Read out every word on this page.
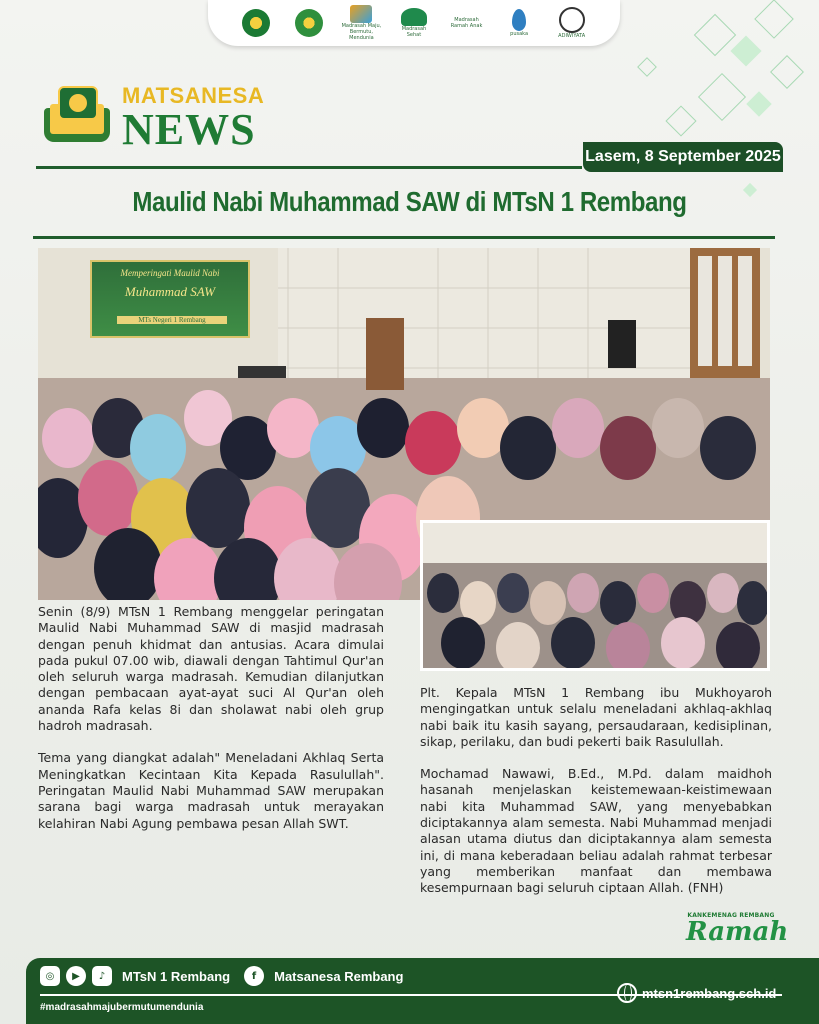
Madrasah Maju, Bermutu, Mendunia
Madrasah Sehat
Madrasah Ramah Anak
pusaka	ADIWIYATA
MATSANESA
NEWS
Lasem, 8 September 2025
Maulid Nabi Muhammad SAW di MTsN 1 Rembang
Memperingati Maulid Nabi
Muhammad SAW
MTs Negeri 1 Rembang

Senin (8/9) MTsN 1 Rembang menggelar peringatan Maulid Nabi Muhammad SAW di masjid madrasah dengan penuh khidmat dan antusias. Acara dimulai pada pukul 07.00 wib, diawali dengan Tahtimul Qur'an oleh seluruh warga madrasah. Kemudian dilanjutkan dengan pembacaan ayat-ayat suci Al Qur'an oleh ananda Rafa kelas 8i dan sholawat nabi oleh grup hadroh madrasah.

Tema yang diangkat adalah" Meneladani Akhlaq Serta Meningkatkan Kecintaan Kita Kepada Rasulullah". Peringatan Maulid Nabi Muhammad SAW merupakan sarana bagi warga madrasah untuk merayakan kelahiran Nabi Agung pembawa pesan Allah SWT.

Plt. Kepala MTsN 1 Rembang ibu Mukhoyaroh mengingatkan untuk selalu meneladani akhlaq-akhlaq nabi baik itu kasih sayang, persaudaraan, kedisiplinan, sikap, perilaku, dan budi pekerti baik Rasulullah.

Mochamad Nawawi, B.Ed., M.Pd. dalam maidhoh hasanah menjelaskan keistemewaan-keistimewaan nabi kita Muhammad SAW, yang menyebabkan diciptakannya alam semesta. Nabi Muhammad menjadi alasan utama diutus dan diciptakannya alam semesta ini, di mana keberadaan beliau adalah rahmat terbesar yang memberikan manfaat dan membawa kesempurnaan bagi seluruh ciptaan Allah. (FNH)

KANKEMENAG REMBANG
Ramah
◎	▶	♪	MTsN 1 Rembang	f	Matsanesa Rembang
#madrasahmajubermutumendunia
mtsn1rembang.sch.id
